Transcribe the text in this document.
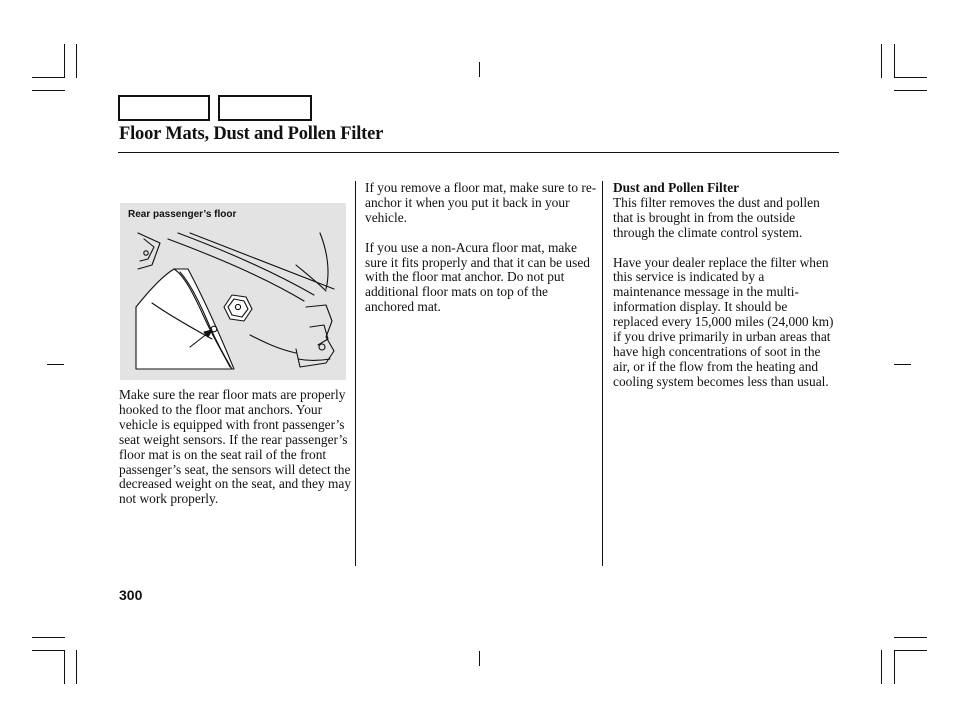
Floor Mats, Dust and Pollen Filter
Rear passenger’s floor

Make sure the rear floor mats are properly hooked to the floor mat anchors. Your vehicle is equipped with front passenger’s seat weight sensors. If the rear passenger’s floor mat is on the seat rail of the front passenger’s seat, the sensors will detect the decreased weight on the seat, and they may not work properly.

If you remove a floor mat, make sure to re-anchor it when you put it back in your vehicle.

If you use a non-Acura floor mat, make sure it fits properly and that it can be used with the floor mat anchor. Do not put additional floor mats on top of the anchored mat.

Dust and Pollen Filter
This filter removes the dust and pollen that is brought in from the outside through the climate control system.

Have your dealer replace the filter when this service is indicated by a maintenance message in the multi-information display. It should be replaced every 15,000 miles (24,000 km) if you drive primarily in urban areas that have high concentrations of soot in the air, or if the flow from the heating and cooling system becomes less than usual.

300
